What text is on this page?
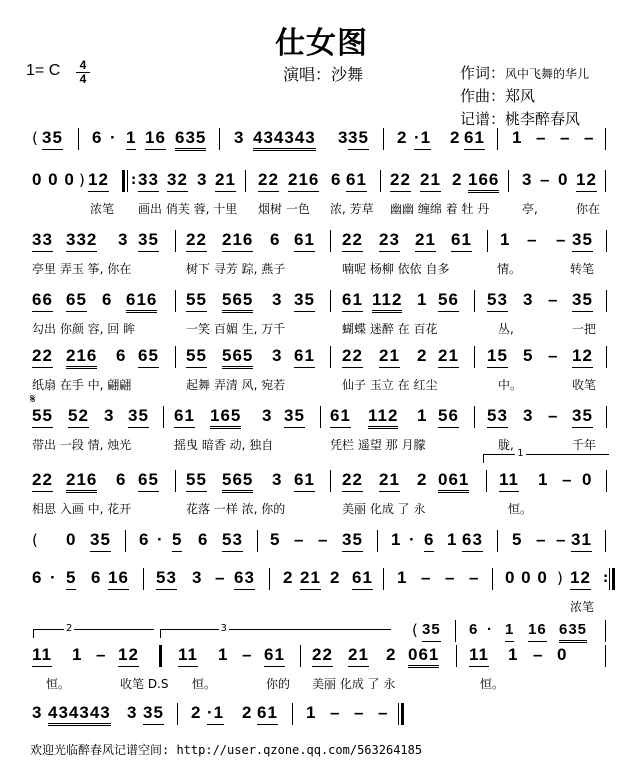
仕女图
1= C	4
4	演唱：沙舞	作词：风中飞舞的华儿
作曲：郑风
记谱：桃李醉春风
( 35 6 · 1 16 635 3 434343 3 35 2 ·1 2 61 1 – – –
0 0 0 ) 12 : 33 32 3 21 22 216 6 61 22 21 2 166 3 – 0 12
浓笔 画出 俏芙 蓉, 十里 烟树 一色 浓, 芳草 幽幽 缠绵 着 牡 丹	亭,	你在
33 332 3 35 22 216 6 61 22 23 21 61 1 – – 35
亭里 弄玉 筝, 你在	树下 寻芳 踪, 燕子	喃呢 杨柳 依依 自多	情。	转笔
66 65 6 616 55 565 3 35 61 112 1 56 53 3 – 35
勾出 你颜 容, 回 眸	一笑 百媚 生, 万千	蝴蝶 迷醉 在 百花	丛,	一把
22 216 6 65 55 565 3 61 22 21 2 21 15 5 – 12
纸扇 在手 中, 翩翩	起舞 弄清 风, 宛若	仙子 玉立 在 红尘	中。	收笔
55 52 3 35 61 165 3 35 61 112 1 56 53 3 – 35
带出 一段 情, 烛光	摇曳 暗香 动, 独自	凭栏 遥望 那 月朦	胧,	千年
𝄋
22 216 6 65 55 565 3 61 22 21 2 061 11 1 – 0
相思 入画 中, 花开	花落 一样 浓, 你的	美丽 化成 了 永	恒。
1
( 0 35 6 · 5 6 53 5 – – 35 1 · 6 1 63 5 – – 31
6 · 5 6 16 53 3 – 63 2 21 2 61 1 – – – 0 0 0 ) 12 :
浓笔
11 1 – 12 11 1 – 61 22 21 2 061 11 1 – 0
恒。	收笔 D.S 恒。	你的 美丽 化成 了 永	恒。
2	3	( 35 6 · 1 16 635
3 434343 3 35 2 ·1 2 61 1 – – –
欢迎光临醉春风记谱空间: http://user.qzone.qq.com/563264185
